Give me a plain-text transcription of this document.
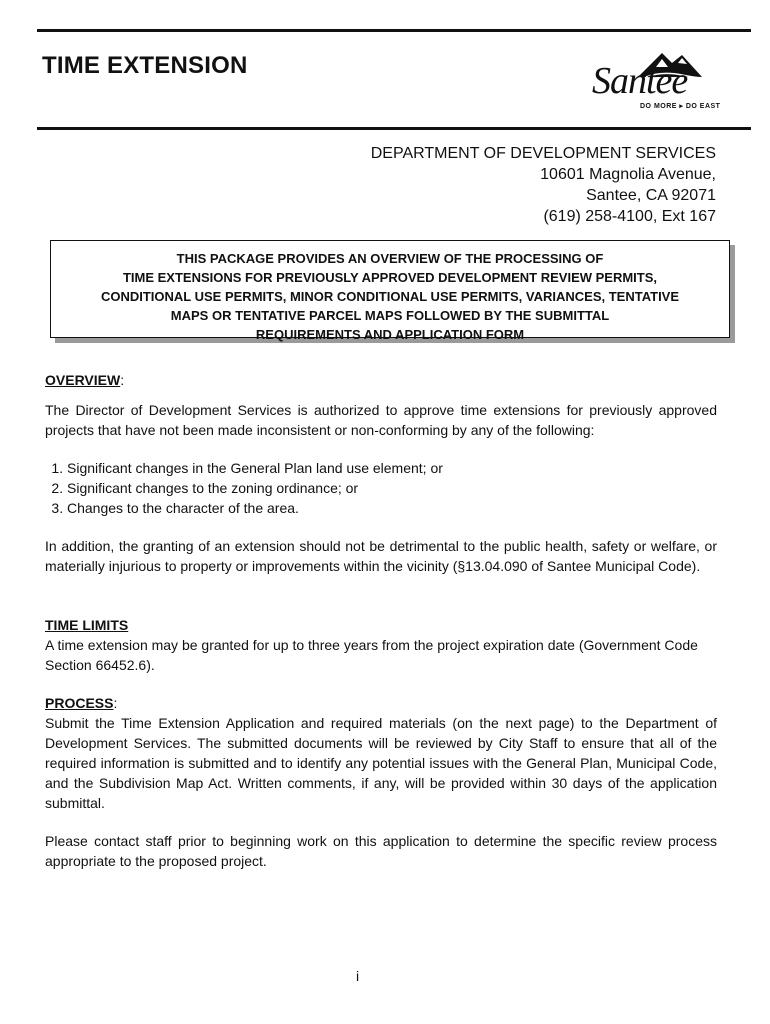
TIME EXTENSION	Santee
DO MORE ▸ DO EAST
DEPARTMENT OF DEVELOPMENT SERVICES
10601 Magnolia Avenue,
Santee, CA 92071
(619) 258-4100, Ext 167
THIS PACKAGE PROVIDES AN OVERVIEW OF THE PROCESSING OF
TIME EXTENSIONS FOR PREVIOUSLY APPROVED DEVELOPMENT REVIEW PERMITS,
CONDITIONAL USE PERMITS, MINOR CONDITIONAL USE PERMITS, VARIANCES, TENTATIVE
MAPS OR TENTATIVE PARCEL MAPS FOLLOWED BY THE SUBMITTAL
REQUIREMENTS AND APPLICATION FORM
OVERVIEW:
The Director of Development Services is authorized to approve time extensions for previously approved projects that have not been made inconsistent or non-conforming by any of the following:
1. Significant changes in the General Plan land use element; or
2. Significant changes to the zoning ordinance; or
3. Changes to the character of the area.
In addition, the granting of an extension should not be detrimental to the public health, safety or welfare, or materially injurious to property or improvements within the vicinity (§13.04.090 of Santee Municipal Code).
TIME LIMITS
A time extension may be granted for up to three years from the project expiration date (Government Code Section 66452.6).
PROCESS:
Submit the Time Extension Application and required materials (on the next page) to the Department of Development Services. The submitted documents will be reviewed by City Staff to ensure that all of the required information is submitted and to identify any potential issues with the General Plan, Municipal Code, and the Subdivision Map Act. Written comments, if any, will be provided within 30 days of the application submittal.
Please contact staff prior to beginning work on this application to determine the specific review process appropriate to the proposed project.
i
